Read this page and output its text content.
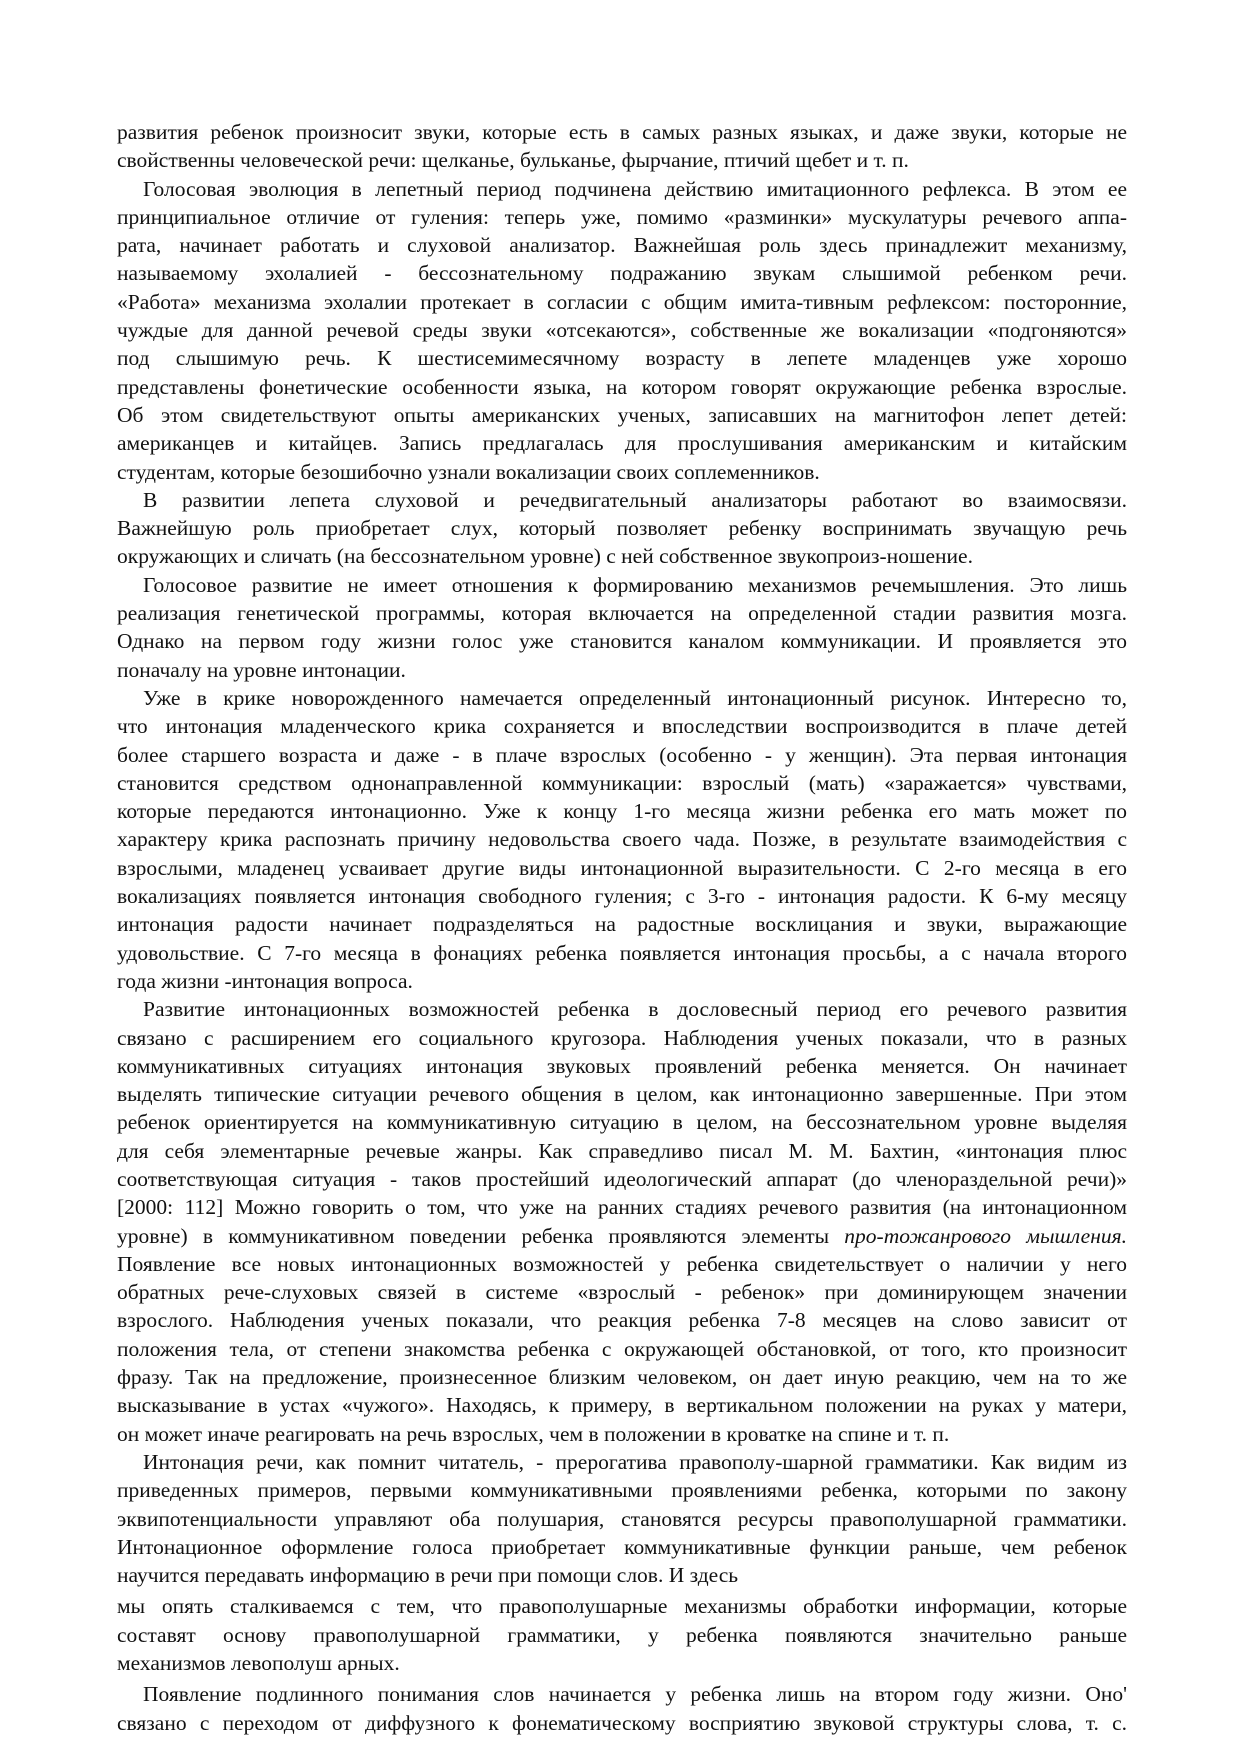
развития ребенок произносит звуки, которые есть в самых разных языках, и даже звуки, которые не
свойственны человеческой речи: щелканье, бульканье, фырчание, птичий щебет и т. п.
Голосовая эволюция в лепетный период подчинена действию имитационного рефлекса. В этом ее
принципиальное отличие от гуления: теперь уже, помимо «разминки» мускулатуры речевого аппа-
рата, начинает работать и слуховой анализатор. Важнейшая роль здесь принадлежит механизму,
называемому эхолалией - бессознательному подражанию звукам слышимой ребенком речи.
«Работа» механизма эхолалии протекает в согласии с общим имита-тивным рефлексом: посторонние,
чуждые для данной речевой среды звуки «отсекаются», собственные же вокализации «подгоняются»
под слышимую речь. К шестисемимесячному возрасту в лепете младенцев уже хорошо
представлены фонетические особенности языка, на котором говорят окружающие ребенка взрослые.
Об этом свидетельствуют опыты американских ученых, записавших на магнитофон лепет детей:
американцев и китайцев. Запись предлагалась для прослушивания американским и китайским
студентам, которые безошибочно узнали вокализации своих соплеменников.
В развитии лепета слуховой и речедвигательный анализаторы работают во взаимосвязи.
Важнейшую роль приобретает слух, который позволяет ребенку воспринимать звучащую речь
окружающих и сличать (на бессознательном уровне) с ней собственное звукопроиз-ношение.
Голосовое развитие не имеет отношения к формированию механизмов речемышления. Это лишь
реализация генетической программы, которая включается на определенной стадии развития мозга.
Однако на первом году жизни голос уже становится каналом коммуникации. И проявляется это
поначалу на уровне интонации.
Уже в крике новорожденного намечается определенный интонационный рисунок. Интересно то,
что интонация младенческого крика сохраняется и впоследствии воспроизводится в плаче детей
более старшего возраста и даже - в плаче взрослых (особенно - у женщин). Эта первая интонация
становится средством однонаправленной коммуникации: взрослый (мать) «заражается» чувствами,
которые передаются интонационно. Уже к концу 1-го месяца жизни ребенка его мать может по
характеру крика распознать причину недовольства своего чада. Позже, в результате взаимодействия с
взрослыми, младенец усваивает другие виды интонационной выразительности. С 2-го месяца в его
вокализациях появляется интонация свободного гуления; с 3-го - интонация радости. К 6-му месяцу
интонация радости начинает подразделяться на радостные восклицания и звуки, выражающие
удовольствие. С 7-го месяца в фонациях ребенка появляется интонация просьбы, а с начала второго
года жизни -интонация вопроса.
Развитие интонационных возможностей ребенка в дословесный период его речевого развития
связано с расширением его социального кругозора. Наблюдения ученых показали, что в разных
коммуникативных ситуациях интонация звуковых проявлений ребенка меняется. Он начинает
выделять типические ситуации речевого общения в целом, как интонационно завершенные. При этом
ребенок ориентируется на коммуникативную ситуацию в целом, на бессознательном уровне выделяя
для себя элементарные речевые жанры. Как справедливо писал М. М. Бахтин, «интонация плюс
соответствующая ситуация - таков простейший идеологический аппарат (до членораздельной речи)»
[2000: 112] Можно говорить о том, что уже на ранних стадиях речевого развития (на интонационном
уровне) в коммуникативном поведении ребенка проявляются элементы про-тожанрового мышления.
Появление все новых интонационных возможностей у ребенка свидетельствует о наличии у него
обратных рече-слуховых связей в системе «взрослый - ребенок» при доминирующем значении
взрослого. Наблюдения ученых показали, что реакция ребенка 7-8 месяцев на слово зависит от
положения тела, от степени знакомства ребенка с окружающей обстановкой, от того, кто произносит
фразу. Так на предложение, произнесенное близким человеком, он дает иную реакцию, чем на то же
высказывание в устах «чужого». Находясь, к примеру, в вертикальном положении на руках у матери,
он может иначе реагировать на речь взрослых, чем в положении в кроватке на спине и т. п.
Интонация речи, как помнит читатель, - прерогатива правополу-шарной грамматики. Как видим из
приведенных примеров, первыми коммуникативными проявлениями ребенка, которыми по закону
эквипотенциальности управляют оба полушария, становятся ресурсы правополушарной грамматики.
Интонационное оформление голоса приобретает коммуникативные функции раньше, чем ребенок
научится передавать информацию в речи при помощи слов. И здесь
мы опять сталкиваемся с тем, что правополушарные механизмы обработки информации, которые
составят основу правополушарной грамматики, у ребенка появляются значительно раньше
механизмов левополуш арных.
Появление подлинного понимания слов начинается у ребенка лишь на втором году жизни. Оно'
связано с переходом от диффузного к фонематическому восприятию звуковой структуры слова, т. с.
